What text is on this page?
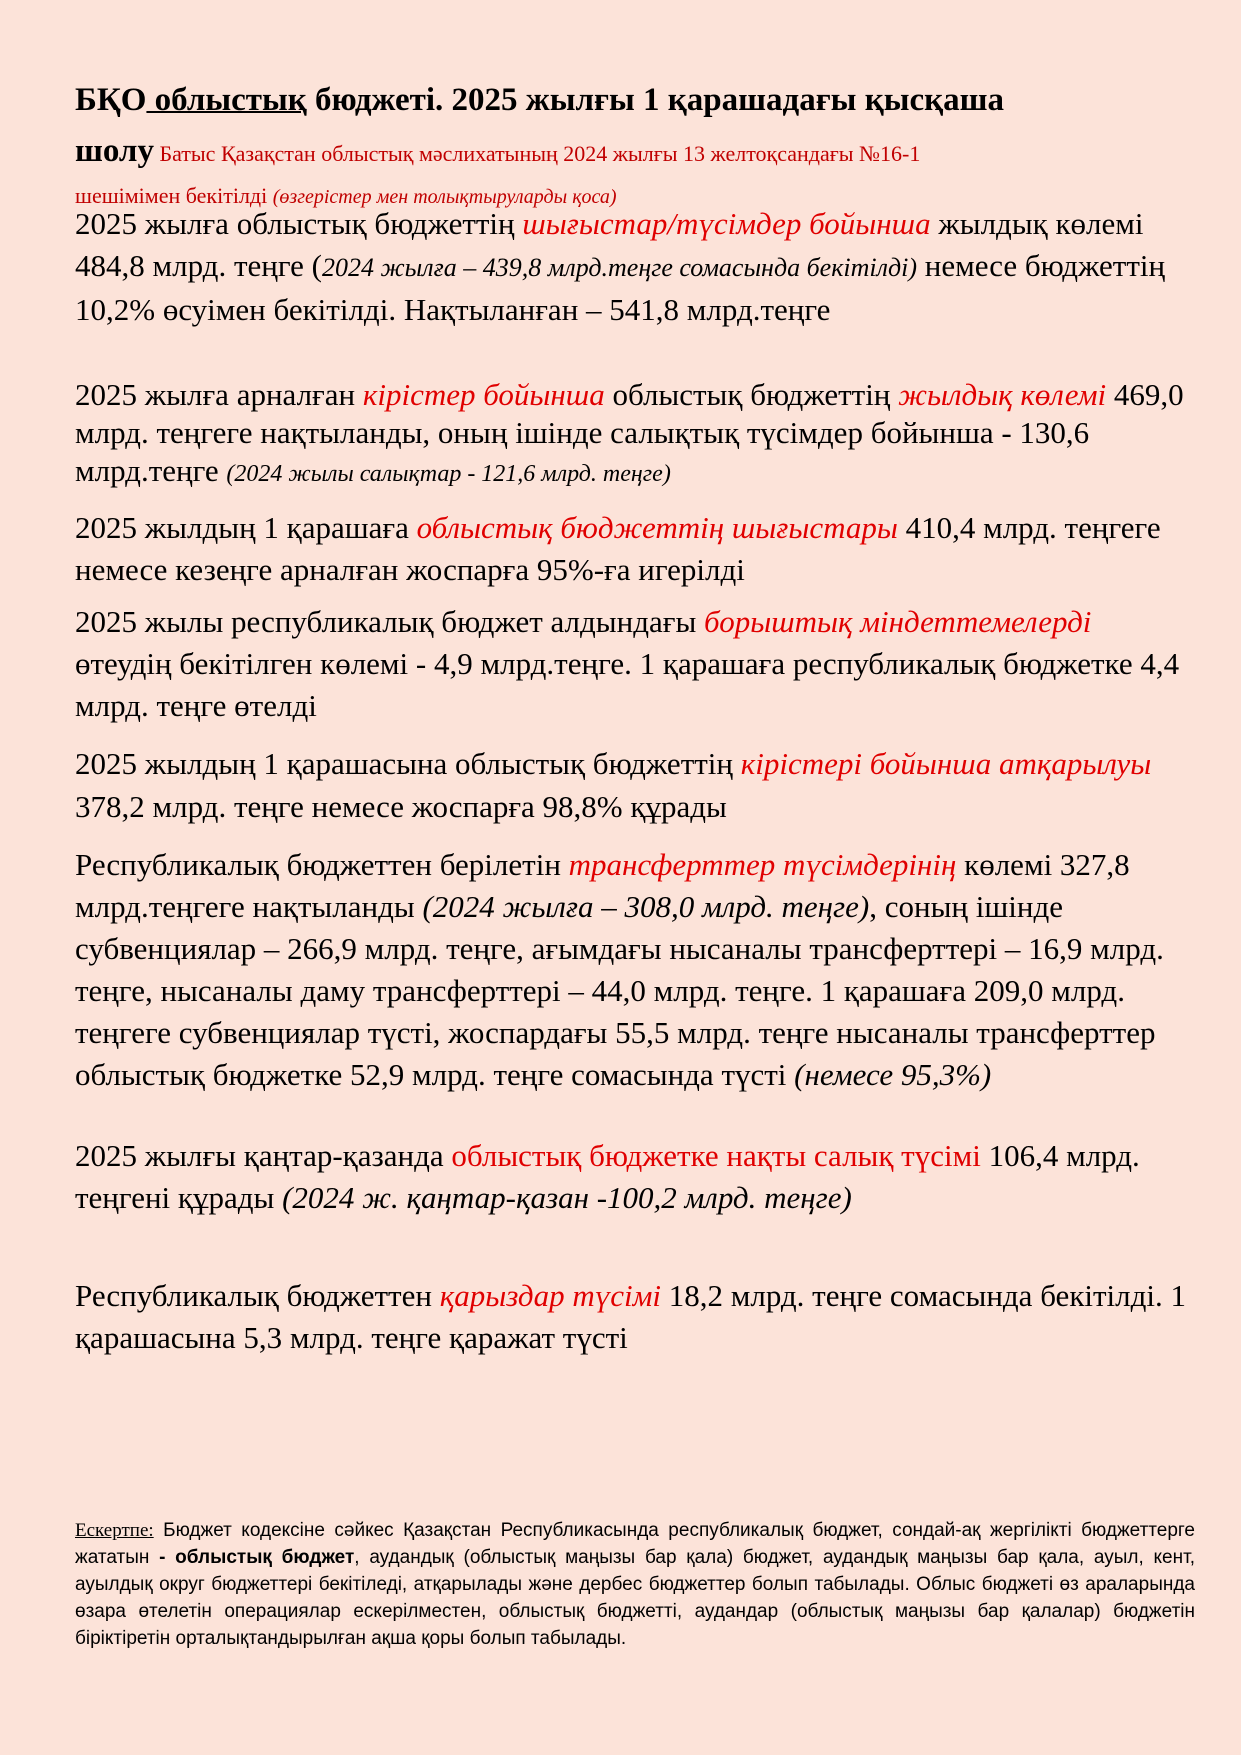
БҚО облыстық бюджеті. 2025 жылғы 1 қарашадағы қысқаша
шолу Батыс Қазақстан облыстық мәслихатының 2024 жылғы 13 желтоқсандағы №16-1
шешімімен бекітілді (өзгерістер мен толықтыруларды қоса)

2025 жылға облыстық бюджеттің шығыстар/түсімдер бойынша жылдық көлемі 484,8 млрд. теңге (2024 жылға – 439,8 млрд.теңге сомасында бекітілді) немесе бюджеттің 10,2% өсуімен бекітілді. Нақтыланған – 541,8 млрд.теңге

2025 жылға арналған кірістер бойынша облыстық бюджеттің жылдық көлемі 469,0 млрд. теңгеге нақтыланды, оның ішінде салықтық түсімдер бойынша - 130,6 млрд.теңге (2024 жылы салықтар - 121,6 млрд. теңге)

2025 жылдың 1 қарашаға облыстық бюджеттің шығыстары 410,4 млрд. теңгеге немесе кезеңге арналған жоспарға 95%-ға игерілді

2025 жылы республикалық бюджет алдындағы борыштық міндеттемелерді өтеудің бекітілген көлемі - 4,9 млрд.теңге. 1 қарашаға республикалық бюджетке 4,4 млрд. теңге өтелді

2025 жылдың 1 қарашасына облыстық бюджеттің кірістері бойынша атқарылуы 378,2 млрд. теңге немесе жоспарға 98,8% құрады

Республикалық бюджеттен берілетін трансферттер түсімдерінің көлемі 327,8 млрд.теңгеге нақтыланды (2024 жылға – 308,0 млрд. теңге), соның ішінде субвенциялар – 266,9 млрд. теңге, ағымдағы нысаналы трансферттері – 16,9 млрд. теңге, нысаналы даму трансферттері – 44,0 млрд. теңге. 1 қарашаға 209,0 млрд. теңгеге субвенциялар түсті, жоспардағы 55,5 млрд. теңге нысаналы трансферттер облыстық бюджетке 52,9 млрд. теңге сомасында түсті (немесе 95,3%)

2025 жылғы қаңтар-қазанда облыстық бюджетке нақты салық түсімі 106,4 млрд. теңгені құрады (2024 ж. қаңтар-қазан -100,2 млрд. теңге)

Республикалық бюджеттен қарыздар түсімі 18,2 млрд. теңге сомасында бекітілді. 1 қарашасына 5,3 млрд. теңге қаражат түсті

Ескертпе: Бюджет кодексіне сәйкес Қазақстан Республикасында республикалық бюджет, сондай-ақ жергілікті бюджеттерге жататын - облыстық бюджет, аудандық (облыстық маңызы бар қала) бюджет, аудандық маңызы бар қала, ауыл, кент, ауылдық округ бюджеттері бекітіледі, атқарылады және дербес бюджеттер болып табылады. Облыс бюджеті өз араларында өзара өтелетін операциялар ескерілместен, облыстық бюджетті, аудандар (облыстық маңызы бар қалалар) бюджетін біріктіретін орталықтандырылған ақша қоры болып табылады.
